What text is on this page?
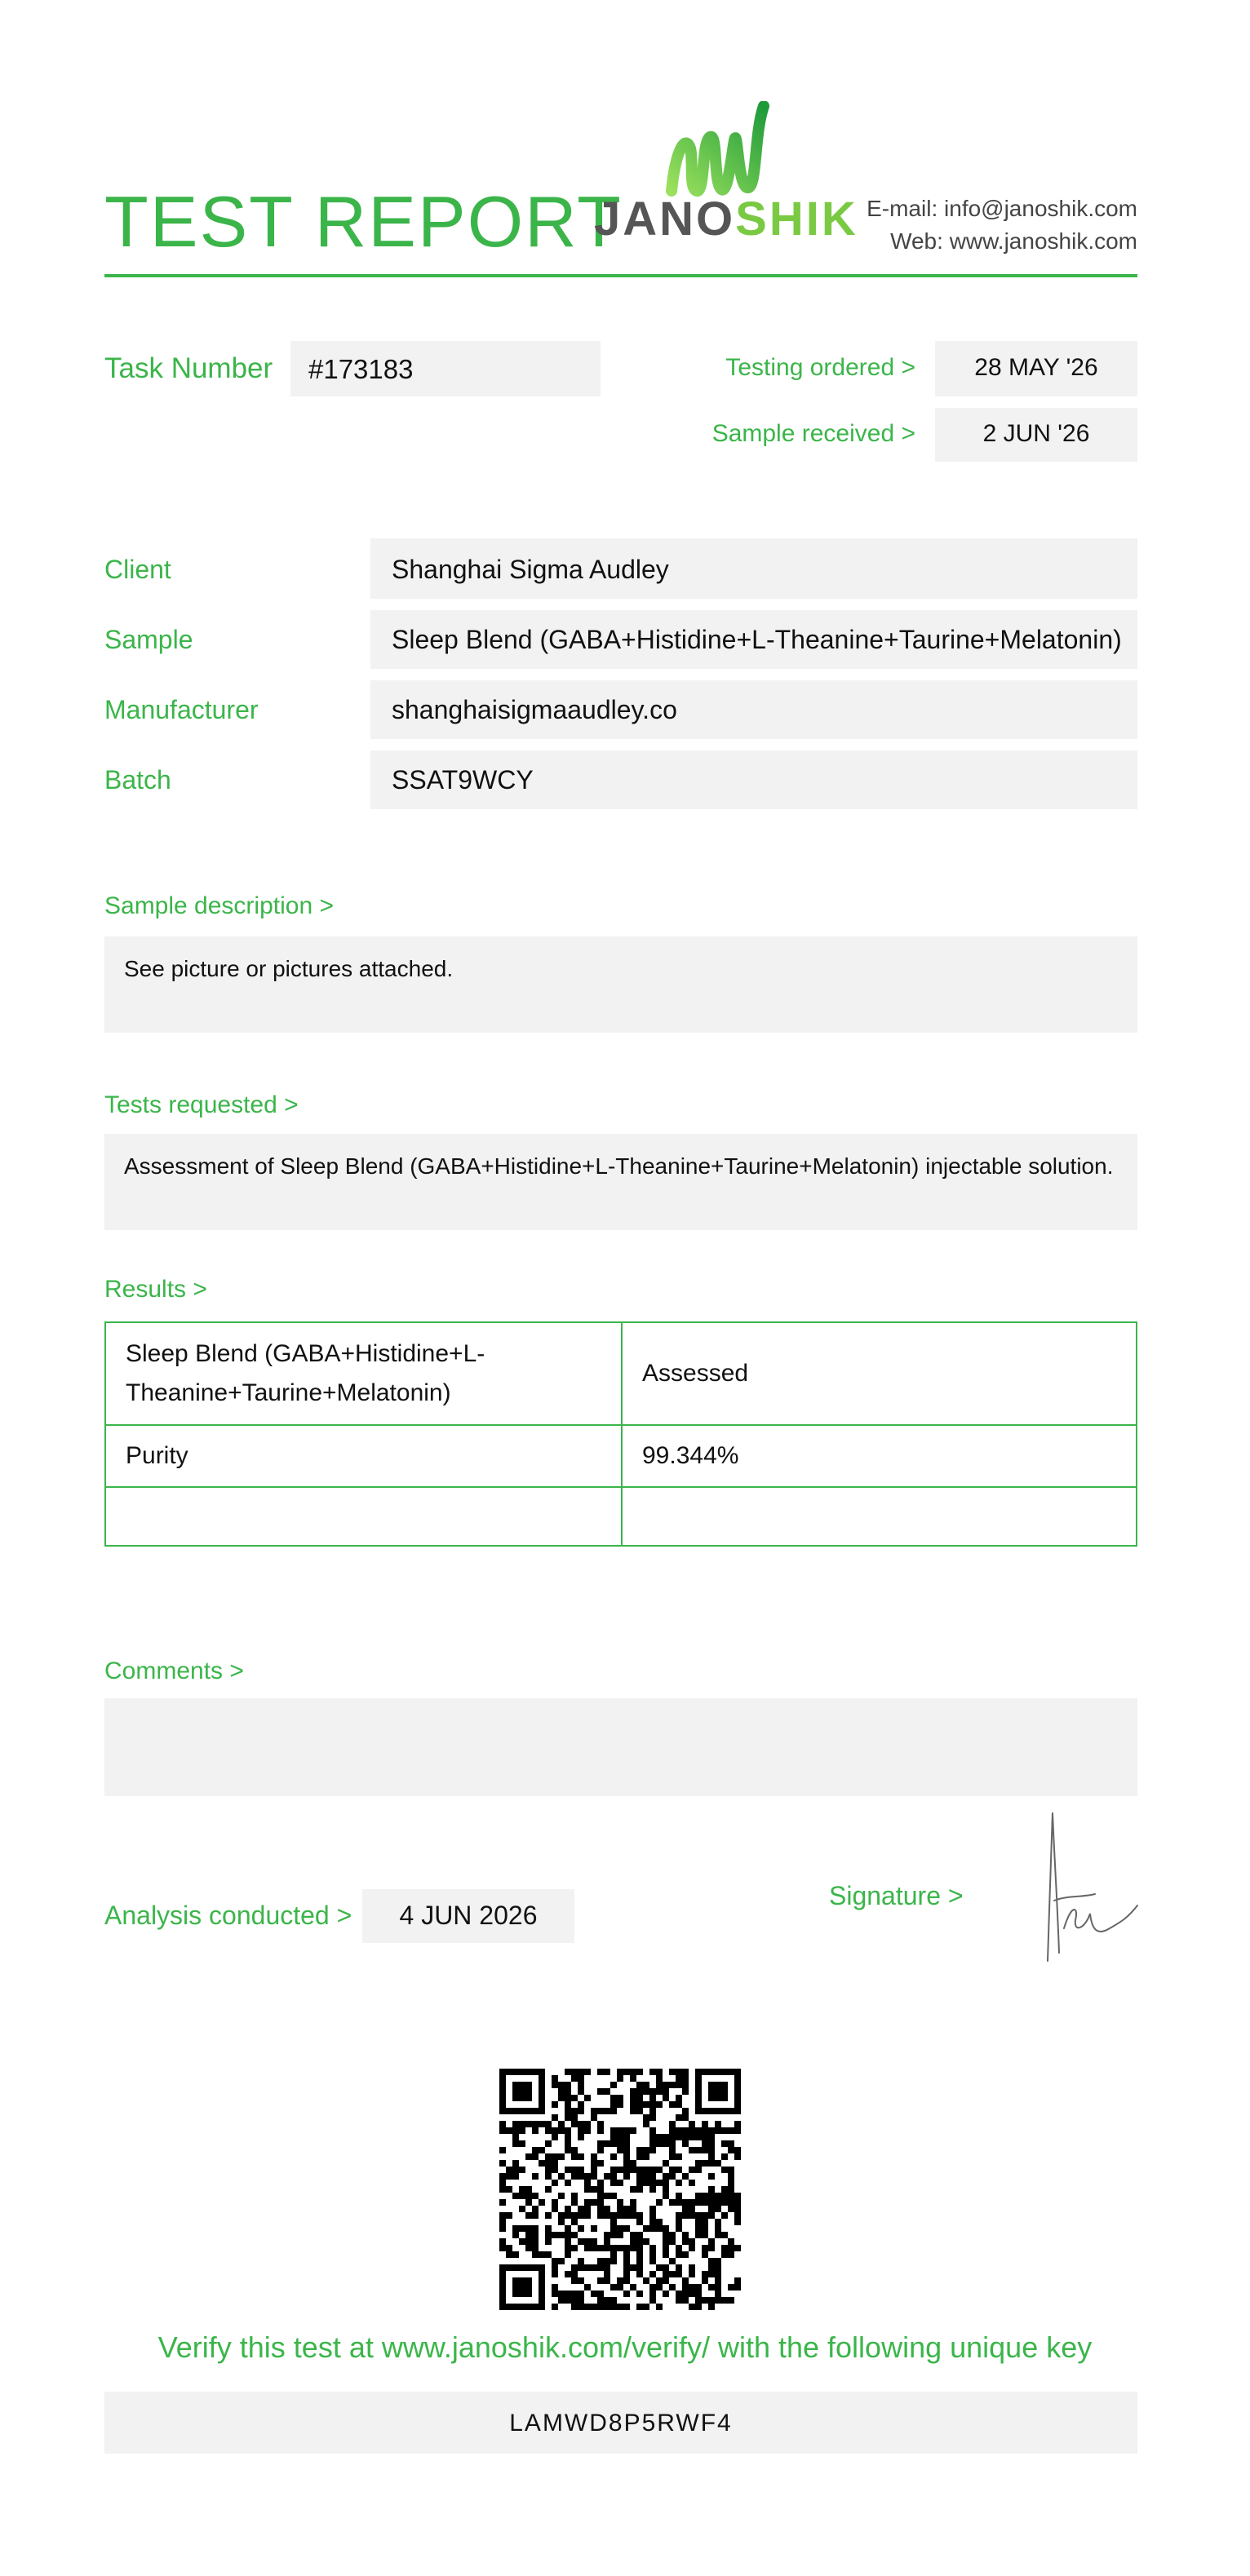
TEST REPORT
JANOSHIK E-mail: info@janoshik.com
Web: www.janoshik.com
Task Number #173183	Testing ordered >	28 MAY '26
Sample received >	2 JUN '26
Client	Shanghai Sigma Audley
Sample	Sleep Blend (GABA+Histidine+L-Theanine+Taurine+Melatonin)
Manufacturer	shanghaisigmaaudley.co
Batch	SSAT9WCY
Sample description >
See picture or pictures attached.
Tests requested >
Assessment of Sleep Blend (GABA+Histidine+L-Theanine+Taurine+Melatonin) injectable solution.
Results >
Sleep Blend (GABA+Histidine+L-Theanine+Taurine+Melatonin)	Assessed
Purity	99.344%

Comments >
Analysis conducted >	4 JUN 2026
Signature >
Verify this test at www.janoshik.com/verify/ with the following unique key
LAMWD8P5RWF4
